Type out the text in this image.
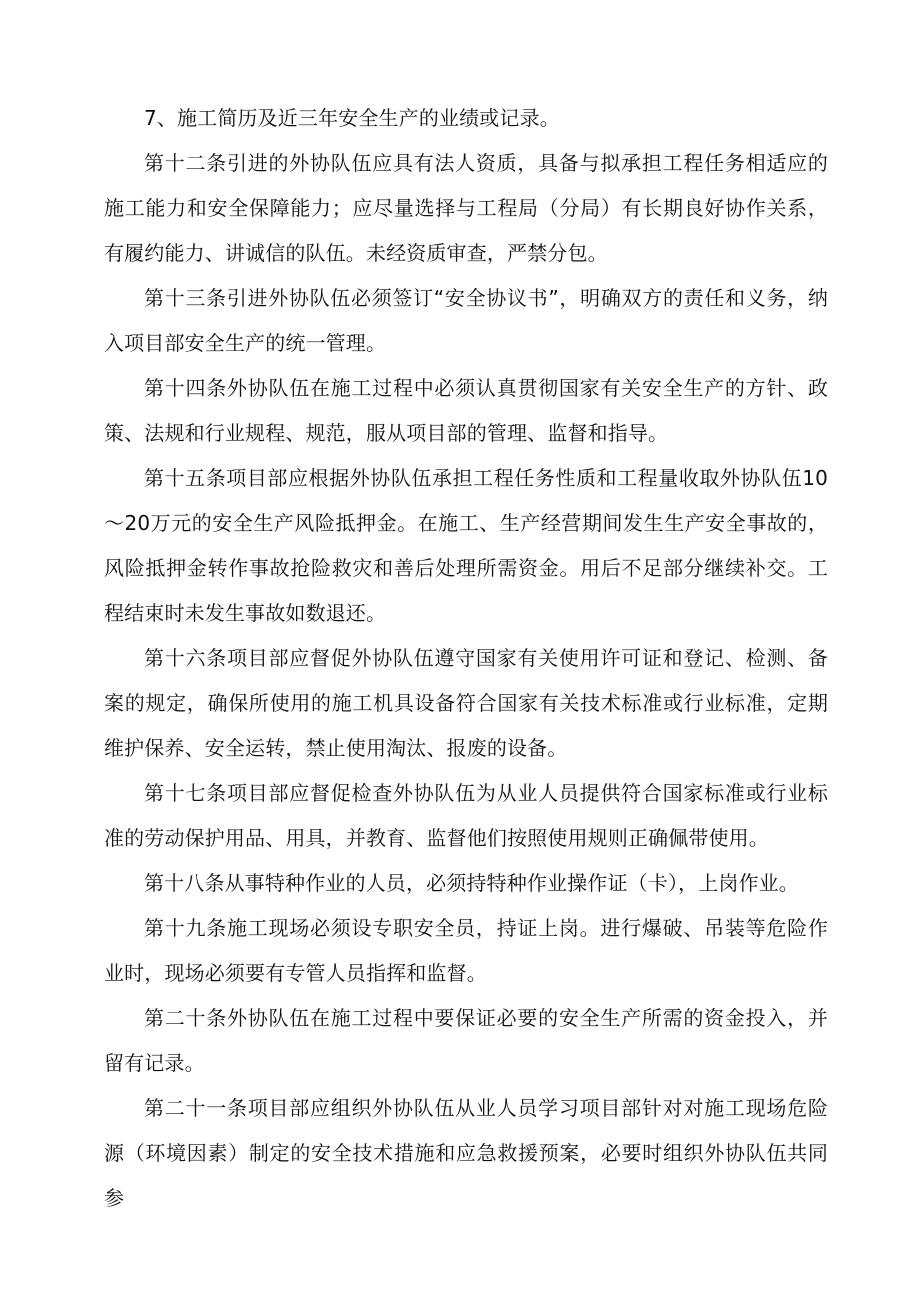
7、施工简历及近三年安全生产的业绩或记录。

第十二条引进的外协队伍应具有法人资质，具备与拟承担工程任务相适应的施工能力和安全保障能力；应尽量选择与工程局（分局）有长期良好协作关系，有履约能力、讲诚信的队伍。未经资质审查，严禁分包。

第十三条引进外协队伍必须签订“安全协议书”，明确双方的责任和义务，纳入项目部安全生产的统一管理。

第十四条外协队伍在施工过程中必须认真贯彻国家有关安全生产的方针、政策、法规和行业规程、规范，服从项目部的管理、监督和指导。

第十五条项目部应根据外协队伍承担工程任务性质和工程量收取外协队伍10～20万元的安全生产风险抵押金。在施工、生产经营期间发生生产安全事故的，风险抵押金转作事故抢险救灾和善后处理所需资金。用后不足部分继续补交。工程结束时未发生事故如数退还。

第十六条项目部应督促外协队伍遵守国家有关使用许可证和登记、检测、备案的规定，确保所使用的施工机具设备符合国家有关技术标准或行业标准，定期维护保养、安全运转，禁止使用淘汰、报废的设备。

第十七条项目部应督促检查外协队伍为从业人员提供符合国家标准或行业标准的劳动保护用品、用具，并教育、监督他们按照使用规则正确佩带使用。

第十八条从事特种作业的人员，必须持特种作业操作证（卡），上岗作业。

第十九条施工现场必须设专职安全员，持证上岗。进行爆破、吊装等危险作业时，现场必须要有专管人员指挥和监督。

第二十条外协队伍在施工过程中要保证必要的安全生产所需的资金投入，并留有记录。

第二十一条项目部应组织外协队伍从业人员学习项目部针对对施工现场危险源（环境因素）制定的安全技术措施和应急救援预案，必要时组织外协队伍共同参
